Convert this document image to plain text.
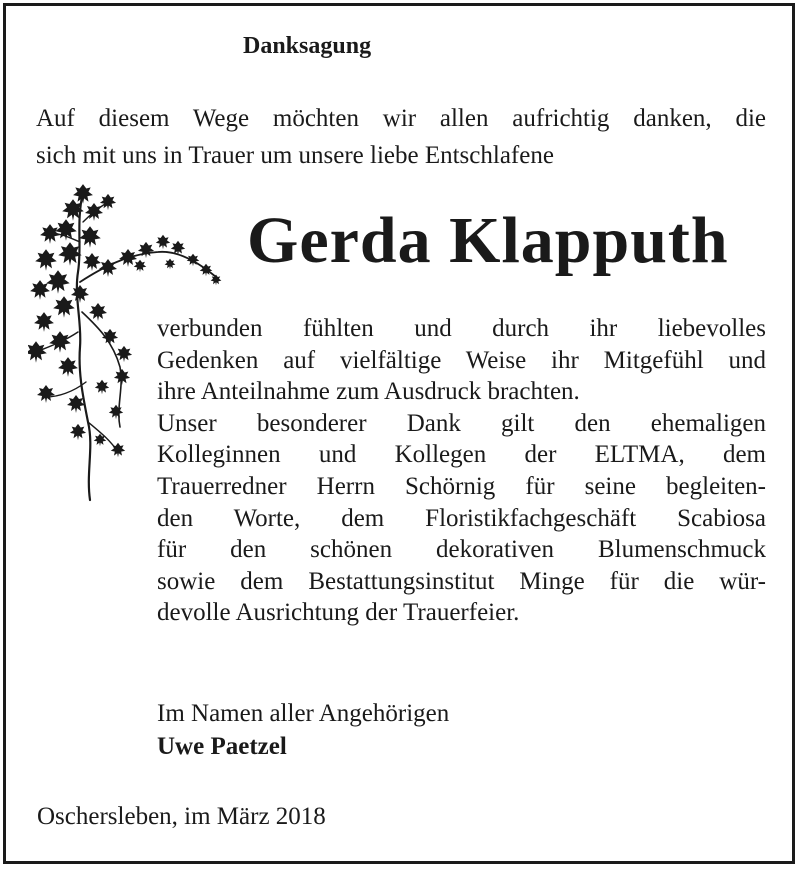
Danksagung
Auf diesem Wege möchten wir allen aufrichtig danken, die
sich mit uns in Trauer um unsere liebe Entschlafene
Gerda Klapputh
verbunden fühlten und durch ihr liebevolles
Gedenken auf vielfältige Weise ihr Mitgefühl und
ihre Anteilnahme zum Ausdruck brachten.
Unser besonderer Dank gilt den ehemaligen
Kolleginnen und Kollegen der ELTMA, dem
Trauerredner Herrn Schörnig für seine begleiten-
den Worte, dem Floristikfachgeschäft Scabiosa
für den schönen dekorativen Blumenschmuck
sowie dem Bestattungsinstitut Minge für die wür-
devolle Ausrichtung der Trauerfeier.
Im Namen aller Angehörigen
Uwe Paetzel
Oschersleben, im März 2018
